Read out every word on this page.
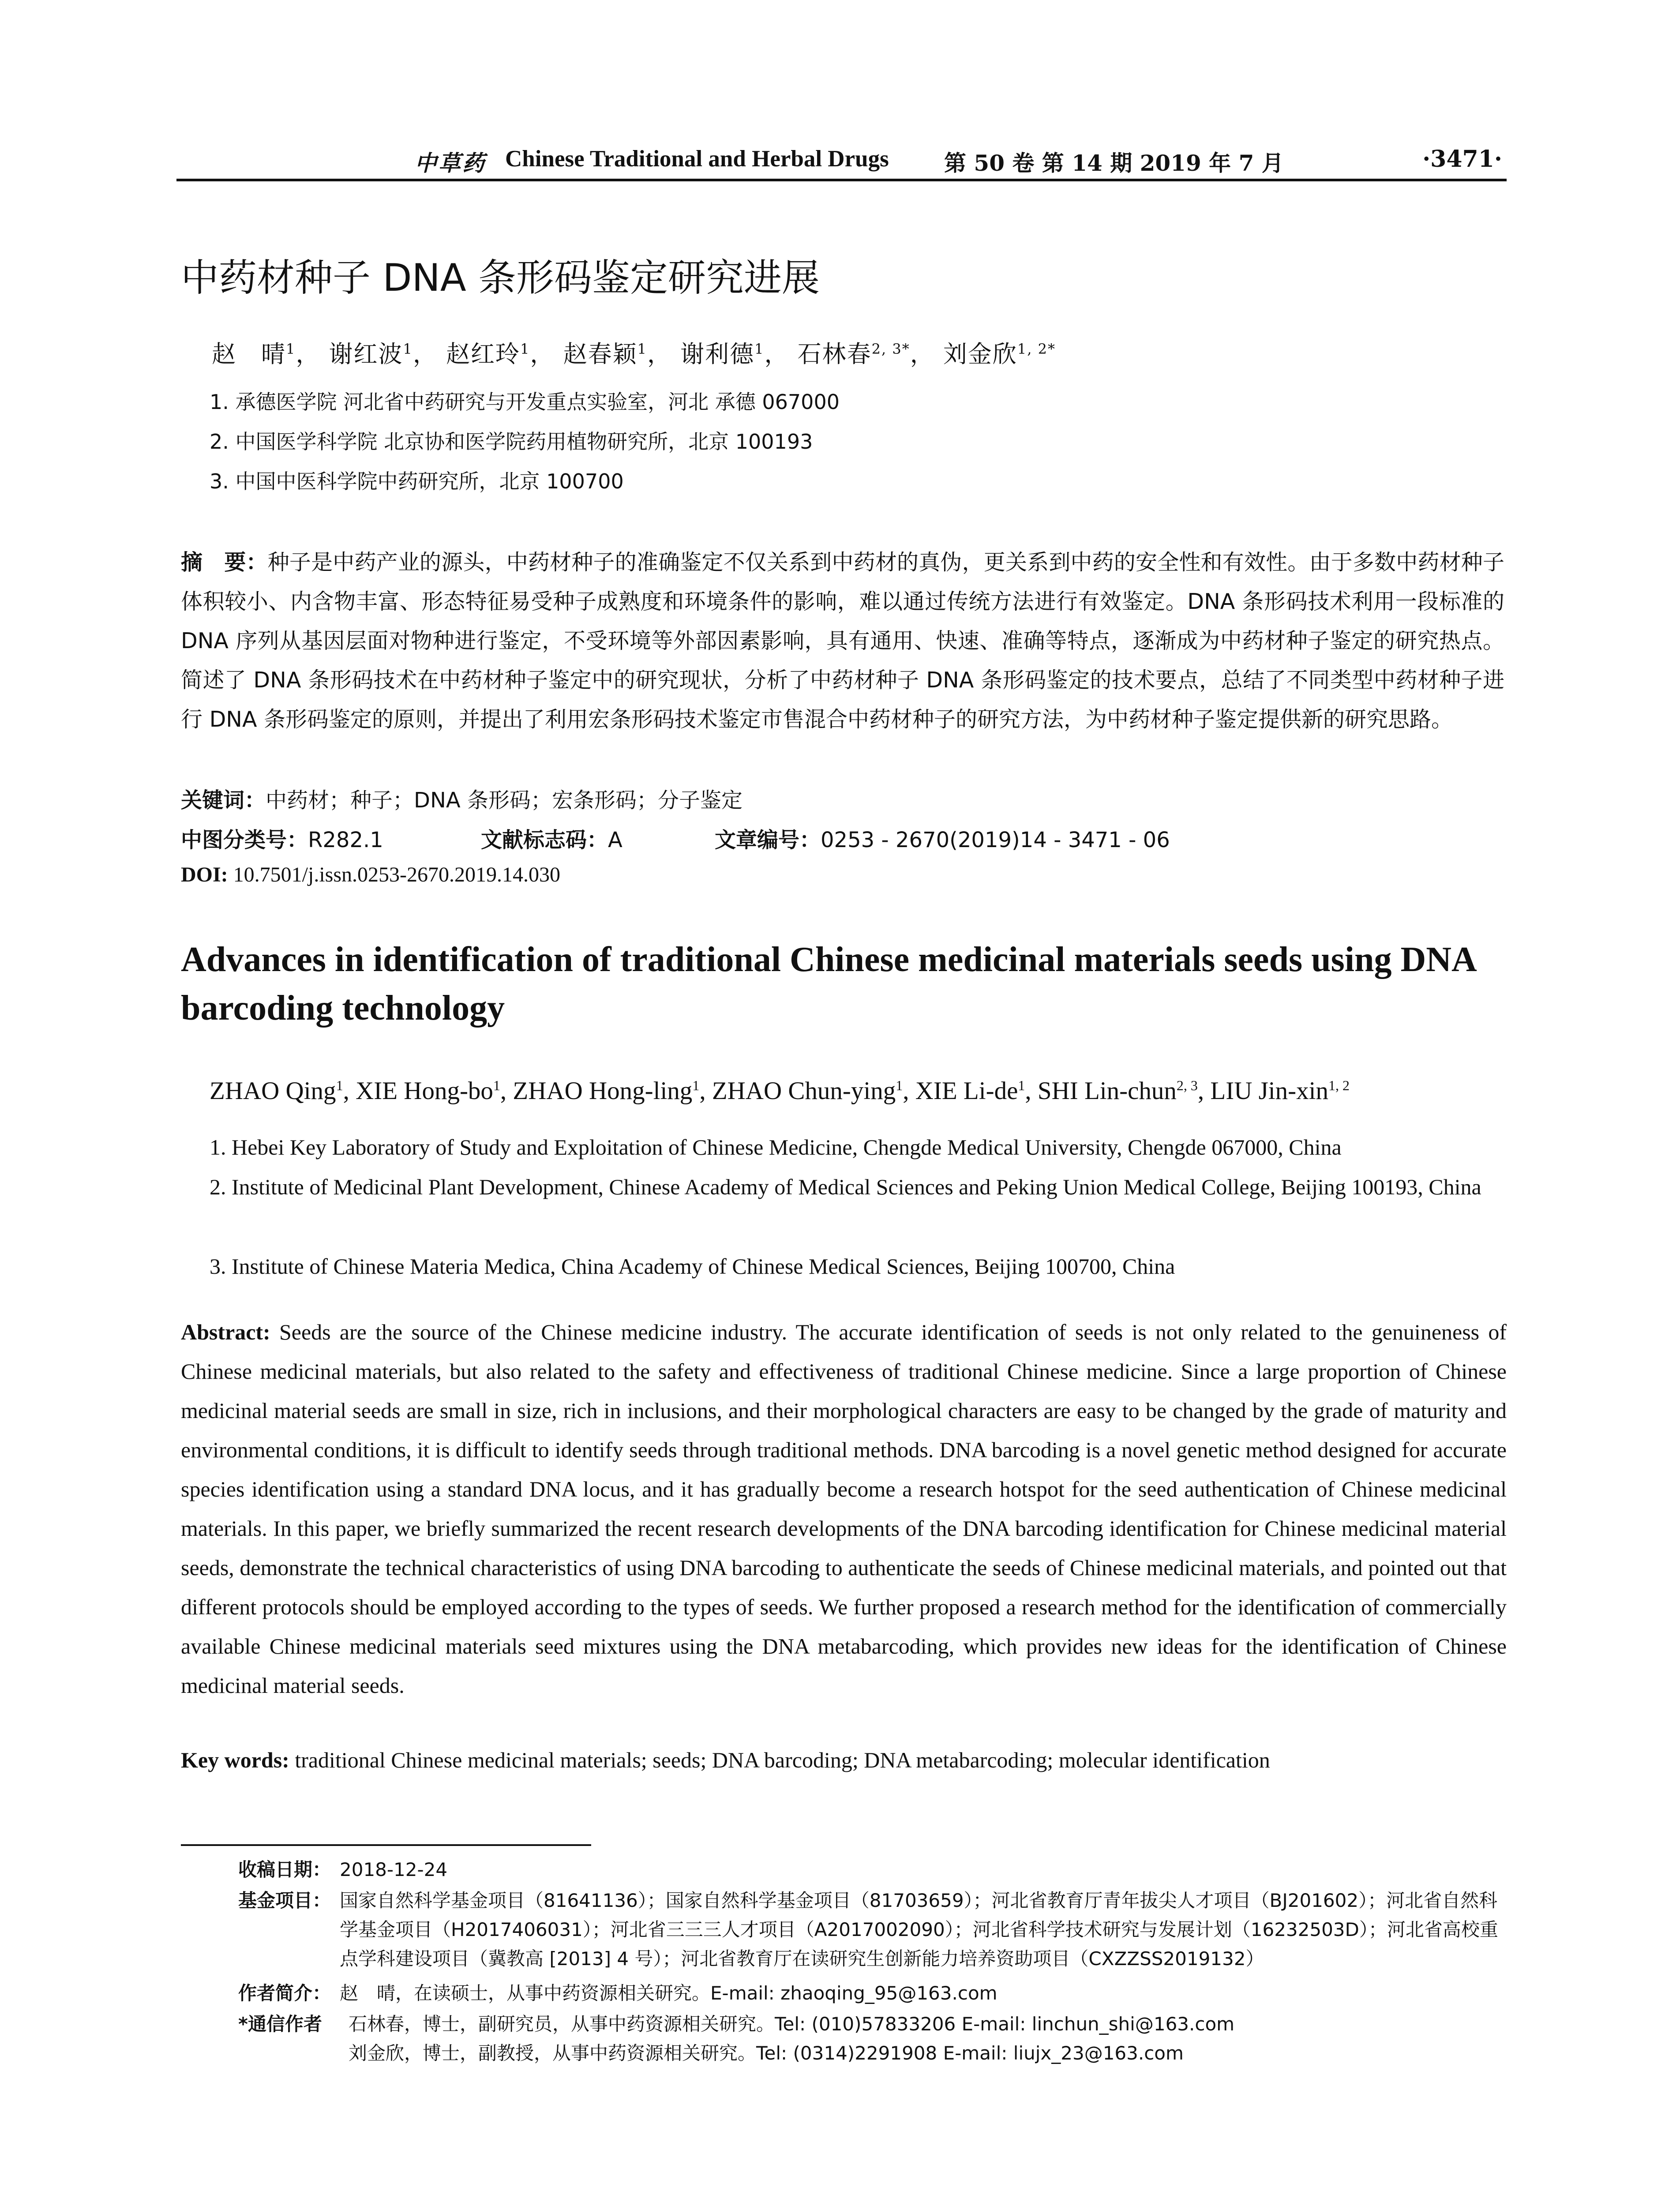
中草药 Chinese Traditional and Herbal Drugs	第 50 卷 第 14 期 2019 年 7 月	·3471·
中药材种子 DNA 条形码鉴定研究进展
赵　晴$^1$， 谢红波$^1$， 赵红玲$^1$， 赵春颖$^1$， 谢利德$^1$， 石林春$^{2, 3*}$， 刘金欣$^{1, 2*}$
1. 承德医学院 河北省中药研究与开发重点实验室，河北 承德 067000
2. 中国医学科学院 北京协和医学院药用植物研究所，北京 100193
3. 中国中医科学院中药研究所，北京 100700
摘　要：种子是中药产业的源头，中药材种子的准确鉴定不仅关系到中药材的真伪，更关系到中药的安全性和有效性。由于多数中药材种子体积较小、内含物丰富、形态特征易受种子成熟度和环境条件的影响，难以通过传统方法进行有效鉴定。DNA 条形码技术利用一段标准的 DNA 序列从基因层面对物种进行鉴定，不受环境等外部因素影响，具有通用、快速、准确等特点，逐渐成为中药材种子鉴定的研究热点。简述了 DNA 条形码技术在中药材种子鉴定中的研究现状，分析了中药材种子 DNA 条形码鉴定的技术要点，总结了不同类型中药材种子进行 DNA 条形码鉴定的原则，并提出了利用宏条形码技术鉴定市售混合中药材种子的研究方法，为中药材种子鉴定提供新的研究思路。
关键词：中药材；种子；DNA 条形码；宏条形码；分子鉴定
中图分类号：R282.1	文献标志码：A	文章编号：0253 - 2670(2019)14 - 3471 - 06
DOI: 10.7501/j.issn.0253-2670.2019.14.030
Advances in identification of traditional Chinese medicinal materials seeds using DNA barcoding technology
ZHAO Qing$^1$, XIE Hong-$bo^1$, ZHAO Hong-ling$^1$, ZHAO Chun-ying$^1$, XIE $Li-de^1$, SHI Lin-chun$^{2, 3}$, LIU Jin-xin$^{1, 2}$
1. Hebei Key Laboratory of Study and Exploitation of Chinese Medicine, Chengde Medical University, Chengde 067000, China
2. Institute of Medicinal Plant Development, Chinese Academy of Medical Sciences and Peking Union Medical College, Beijing 100193, China
3. Institute of Chinese Materia Medica, China Academy of Chinese Medical Sciences, Beijing 100700, China
Abstract: Seeds are the source of the Chinese medicine industry. The accurate identification of seeds is not only related to the genuineness of Chinese medicinal materials, but also related to the safety and effectiveness of traditional Chinese medicine. Since a large proportion of Chinese medicinal material seeds are small in size, rich in inclusions, and their morphological characters are easy to be changed by the grade of maturity and environmental conditions, it is difficult to identify seeds through traditional methods. DNA barcoding is a novel genetic method designed for accurate species identification using a standard DNA locus, and it has gradually become a research hotspot for the seed authentication of Chinese medicinal materials. In this paper, we briefly summarized the recent research developments of the DNA barcoding identification for Chinese medicinal material seeds, demonstrate the technical characteristics of using DNA barcoding to authenticate the seeds of Chinese medicinal materials, and pointed out that different protocols should be employed according to the types of seeds. We further proposed a research method for the identification of commercially available Chinese medicinal materials seed mixtures using the DNA metabarcoding, which provides new ideas for the identification of Chinese medicinal material seeds.
Key words: traditional Chinese medicinal materials; seeds; DNA barcoding; DNA metabarcoding; molecular identification
收稿日期： 2018-12-24
基金项目： 国家自然科学基金项目（81641136）；国家自然科学基金项目（81703659）；河北省教育厅青年拔尖人才项目（BJ201602）；河北省自然科学基金项目（H2017406031）；河北省三三三人才项目（A2017002090）；河北省科学技术研究与发展计划（16232503D）；河北省高校重点学科建设项目（冀教高 [2013] 4 号）；河北省教育厅在读研究生创新能力培养资助项目（CXZZSS2019132）
作者简介： 赵　晴，在读硕士，从事中药资源相关研究。E-mail: zhaoqing_95@163.com
*通信作者 石林春，博士，副研究员，从事中药资源相关研究。Tel: (010)57833206 E-mail: linchun_shi@163.com
刘金欣，博士，副教授，从事中药资源相关研究。Tel: (0314)2291908 E-mail: liujx_23@163.com
